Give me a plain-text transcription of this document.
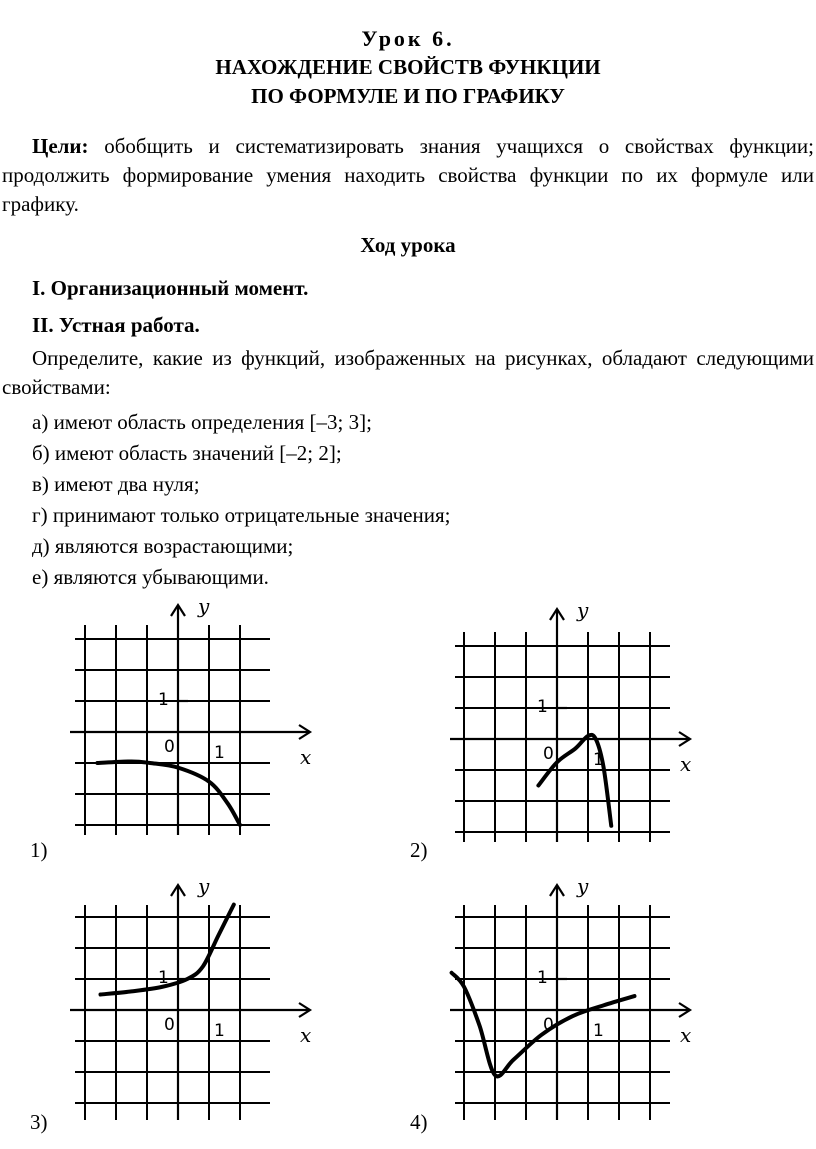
Урок 6.
НАХОЖДЕНИЕ СВОЙСТВ ФУНКЦИИ
ПО ФОРМУЛЕ И ПО ГРАФИКУ
Цели: обобщить и систематизировать знания учащихся о свойствах функции; продолжить формирование умения находить свойства функции по их формуле или графику.
Ход урока
I. Организационный момент.
II. Устная работа.
Определите, какие из функций, изображенных на рисунках, обладают следующими свойствами:
а) имеют область определения [–3; 3];
б) имеют область значений [–2; 2];
в) имеют два нуля;
г) принимают только отрицательные значения;
д) являются возрастающими;
е) являются убывающими.
x
y
0 1
1
1)
x
y
0 1
1
2)
x
y
0 1
1
3)
x
y
0 1
1
4)
